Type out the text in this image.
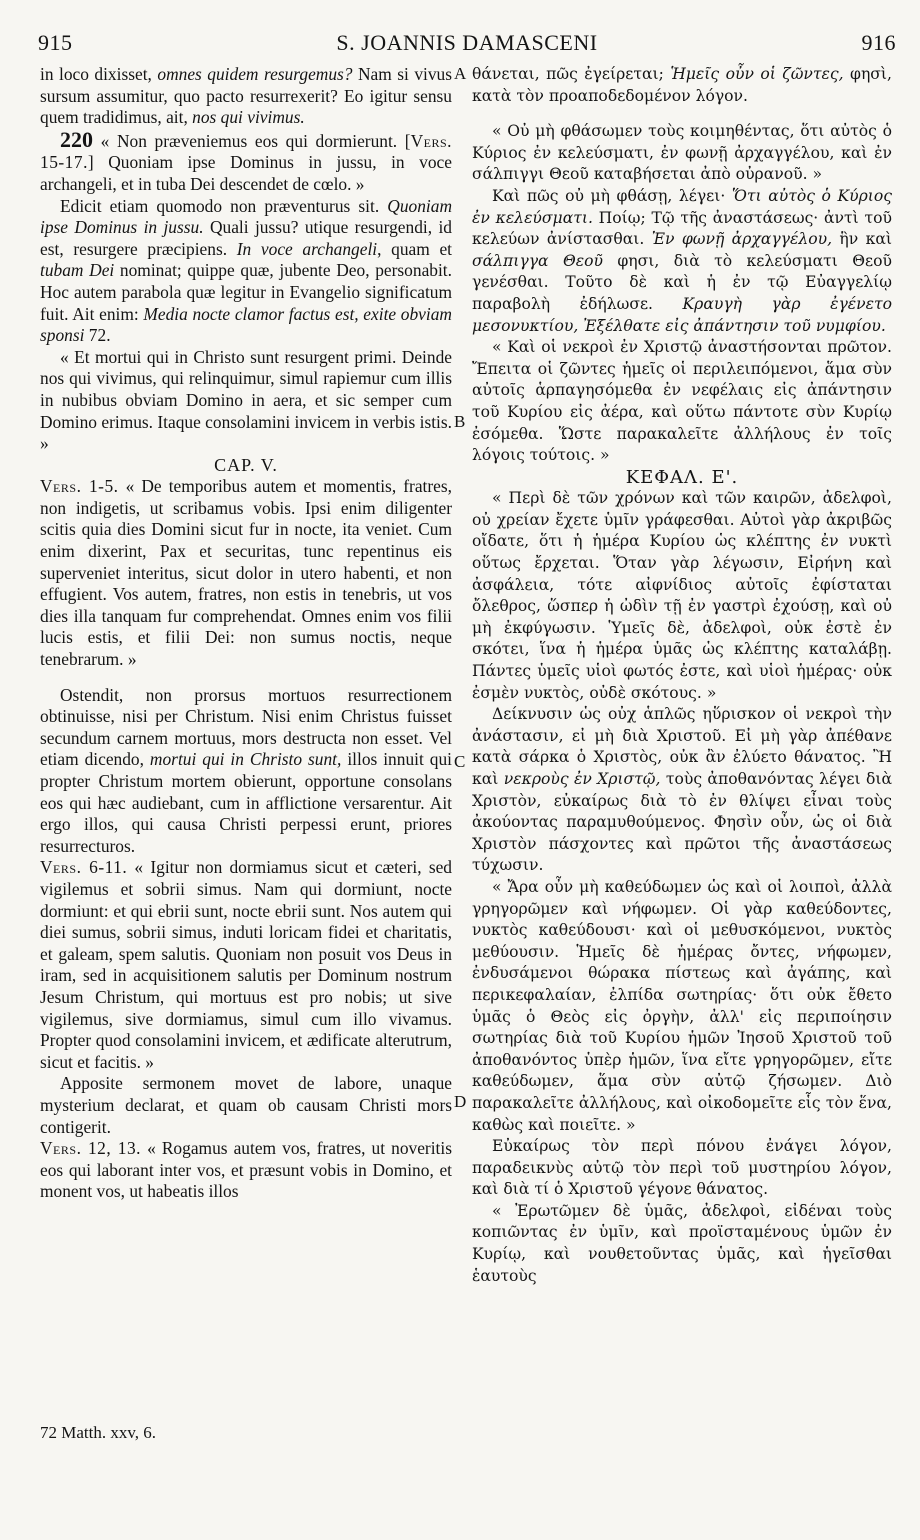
915	S. JOANNIS DAMASCENI	916
A
B
C
D

in loco dixisset, omnes quidem resurgemus? Nam si vivus sursum assumitur, quo pacto resurrexerit? Eo igitur sensu quem tradidimus, ait, nos qui vivimus.

220 « Non præveniemus eos qui dormierunt. [Vers. 15-17.] Quoniam ipse Dominus in jussu, in voce archangeli, et in tuba Dei descendet de cœlo. »

Edicit etiam quomodo non præventurus sit. Quoniam ipse Dominus in jussu. Quali jussu? utique resurgendi, id est, resurgere præcipiens. In voce archangeli, quam et tubam Dei nominat; quippe quæ, jubente Deo, personabit. Hoc autem parabola quæ legitur in Evangelio significatum fuit. Ait enim: Media nocte clamor factus est, exite obviam sponsi 72.

« Et mortui qui in Christo sunt resurgent primi. Deinde nos qui vivimus, qui relinquimur, simul rapiemur cum illis in nubibus obviam Domino in aera, et sic semper cum Domino erimus. Itaque consolamini invicem in verbis istis. »

CAP. V.

Vers. 1-5. « De temporibus autem et momentis, fratres, non indigetis, ut scribamus vobis. Ipsi enim diligenter scitis quia dies Domini sicut fur in nocte, ita veniet. Cum enim dixerint, Pax et securitas, tunc repentinus eis superveniet interitus, sicut dolor in utero habenti, et non effugient. Vos autem, fratres, non estis in tenebris, ut vos dies illa tanquam fur comprehendat. Omnes enim vos filii lucis estis, et filii Dei: non sumus noctis, neque tenebrarum. »

Ostendit, non prorsus mortuos resurrectionem obtinuisse, nisi per Christum. Nisi enim Christus fuisset secundum carnem mortuus, mors destructa non esset. Vel etiam dicendo, mortui qui in Christo sunt, illos innuit qui propter Christum mortem obierunt, opportune consolans eos qui hæc audiebant, cum in afflictione versarentur. Ait ergo illos, qui causa Christi perpessi erunt, priores resurrecturos.

Vers. 6-11. « Igitur non dormiamus sicut et cæteri, sed vigilemus et sobrii simus. Nam qui dormiunt, nocte dormiunt: et qui ebrii sunt, nocte ebrii sunt. Nos autem qui diei sumus, sobrii simus, induti loricam fidei et charitatis, et galeam, spem salutis. Quoniam non posuit vos Deus in iram, sed in acquisitionem salutis per Dominum nostrum Jesum Christum, qui mortuus est pro nobis; ut sive vigilemus, sive dormiamus, simul cum illo vivamus. Propter quod consolamini invicem, et ædificate alterutrum, sicut et facitis. »

Apposite sermonem movet de labore, unaque mysterium declarat, et quam ob causam Christi mors contigerit.

Vers. 12, 13. « Rogamus autem vos, fratres, ut noveritis eos qui laborant inter vos, et præsunt vobis in Domino, et monent vos, ut habeatis illos

θάνεται, πῶς ἐγείρεται; Ἡμεῖς οὖν οἱ ζῶντες, φησὶ, κατὰ τὸν προαποδεδομένον λόγον.

« Οὐ μὴ φθάσωμεν τοὺς κοιμηθέντας, ὅτι αὐτὸς ὁ Κύριος ἐν κελεύσματι, ἐν φωνῇ ἀρχαγγέλου, καὶ ἐν σάλπιγγι Θεοῦ καταβήσεται ἀπὸ οὐρανοῦ. »

Καὶ πῶς οὐ μὴ φθάσῃ, λέγει· Ὅτι αὐτὸς ὁ Κύριος ἐν κελεύσματι. Ποίῳ; Τῷ τῆς ἀναστάσεως· ἀντὶ τοῦ κελεύων ἀνίστασθαι. Ἐν φωνῇ ἀρχαγγέλου, ἣν καὶ σάλπιγγα Θεοῦ φησι, διὰ τὸ κελεύσματι Θεοῦ γενέσθαι. Τοῦτο δὲ καὶ ἡ ἐν τῷ Εὐαγγελίῳ παραβολὴ ἐδήλωσε. Κραυγὴ γὰρ ἐγένετο μεσονυκτίου, Ἐξέλθατε εἰς ἀπάντησιν τοῦ νυμφίου.

« Καὶ οἱ νεκροὶ ἐν Χριστῷ ἀναστήσονται πρῶτον. Ἔπειτα οἱ ζῶντες ἡμεῖς οἱ περιλειπόμενοι, ἅμα σὺν αὐτοῖς ἁρπαγησόμεθα ἐν νεφέλαις εἰς ἀπάντησιν τοῦ Κυρίου εἰς ἀέρα, καὶ οὕτω πάντοτε σὺν Κυρίῳ ἐσόμεθα. Ὥστε παρακαλεῖτε ἀλλήλους ἐν τοῖς λόγοις τούτοις. »

ΚΕΦΑΛ. Ε'.

« Περὶ δὲ τῶν χρόνων καὶ τῶν καιρῶν, ἀδελφοὶ, οὐ χρείαν ἔχετε ὑμῖν γράφεσθαι. Αὐτοὶ γὰρ ἀκριβῶς οἴδατε, ὅτι ἡ ἡμέρα Κυρίου ὡς κλέπτης ἐν νυκτὶ οὕτως ἔρχεται. Ὅταν γὰρ λέγωσιν, Εἰρήνη καὶ ἀσφάλεια, τότε αἰφνίδιος αὐτοῖς ἐφίσταται ὄλεθρος, ὥσπερ ἡ ὠδὶν τῇ ἐν γαστρὶ ἐχούσῃ, καὶ οὐ μὴ ἐκφύγωσιν. Ὑμεῖς δὲ, ἀδελφοὶ, οὐκ ἐστὲ ἐν σκότει, ἵνα ἡ ἡμέρα ὑμᾶς ὡς κλέπτης καταλάβῃ. Πάντες ὑμεῖς υἱοὶ φωτός ἐστε, καὶ υἱοὶ ἡμέρας· οὐκ ἐσμὲν νυκτὸς, οὐδὲ σκότους. »

Δείκνυσιν ὡς οὐχ ἁπλῶς ηὕρισκον οἱ νεκροὶ τὴν ἀνάστασιν, εἰ μὴ διὰ Χριστοῦ. Εἰ μὴ γὰρ ἀπέθανε κατὰ σάρκα ὁ Χριστὸς, οὐκ ἂν ἐλύετο θάνατος. Ἢ καὶ νεκροὺς ἐν Χριστῷ, τοὺς ἀποθανόντας λέγει διὰ Χριστὸν, εὐκαίρως διὰ τὸ ἐν θλίψει εἶναι τοὺς ἀκούοντας παραμυθούμενος. Φησὶν οὖν, ὡς οἱ διὰ Χριστὸν πάσχοντες καὶ πρῶτοι τῆς ἀναστάσεως τύχωσιν.

« Ἄρα οὖν μὴ καθεύδωμεν ὡς καὶ οἱ λοιποὶ, ἀλλὰ γρηγορῶμεν καὶ νήφωμεν. Οἱ γὰρ καθεύδοντες, νυκτὸς καθεύδουσι· καὶ οἱ μεθυσκόμενοι, νυκτὸς μεθύουσιν. Ἡμεῖς δὲ ἡμέρας ὄντες, νήφωμεν, ἐνδυσάμενοι θώρακα πίστεως καὶ ἀγάπης, καὶ περικεφαλαίαν, ἐλπίδα σωτηρίας· ὅτι οὐκ ἔθετο ὑμᾶς ὁ Θεὸς εἰς ὀργὴν, ἀλλ' εἰς περιποίησιν σωτηρίας διὰ τοῦ Κυρίου ἡμῶν Ἰησοῦ Χριστοῦ τοῦ ἀποθανόντος ὑπὲρ ἡμῶν, ἵνα εἴτε γρηγορῶμεν, εἴτε καθεύδωμεν, ἅμα σὺν αὐτῷ ζήσωμεν. Διὸ παρακαλεῖτε ἀλλήλους, καὶ οἰκοδομεῖτε εἷς τὸν ἕνα, καθὼς καὶ ποιεῖτε. »

Εὐκαίρως τὸν περὶ πόνου ἐνάγει λόγον, παραδεικνὺς αὐτῷ τὸν περὶ τοῦ μυστηρίου λόγον, καὶ διὰ τί ὁ Χριστοῦ γέγονε θάνατος.

« Ἐρωτῶμεν δὲ ὑμᾶς, ἀδελφοὶ, εἰδέναι τοὺς κοπιῶντας ἐν ὑμῖν, καὶ προϊσταμένους ὑμῶν ἐν Κυρίῳ, καὶ νουθετοῦντας ὑμᾶς, καὶ ἡγεῖσθαι ἑαυτοὺς

72 Matth. xxv, 6.
